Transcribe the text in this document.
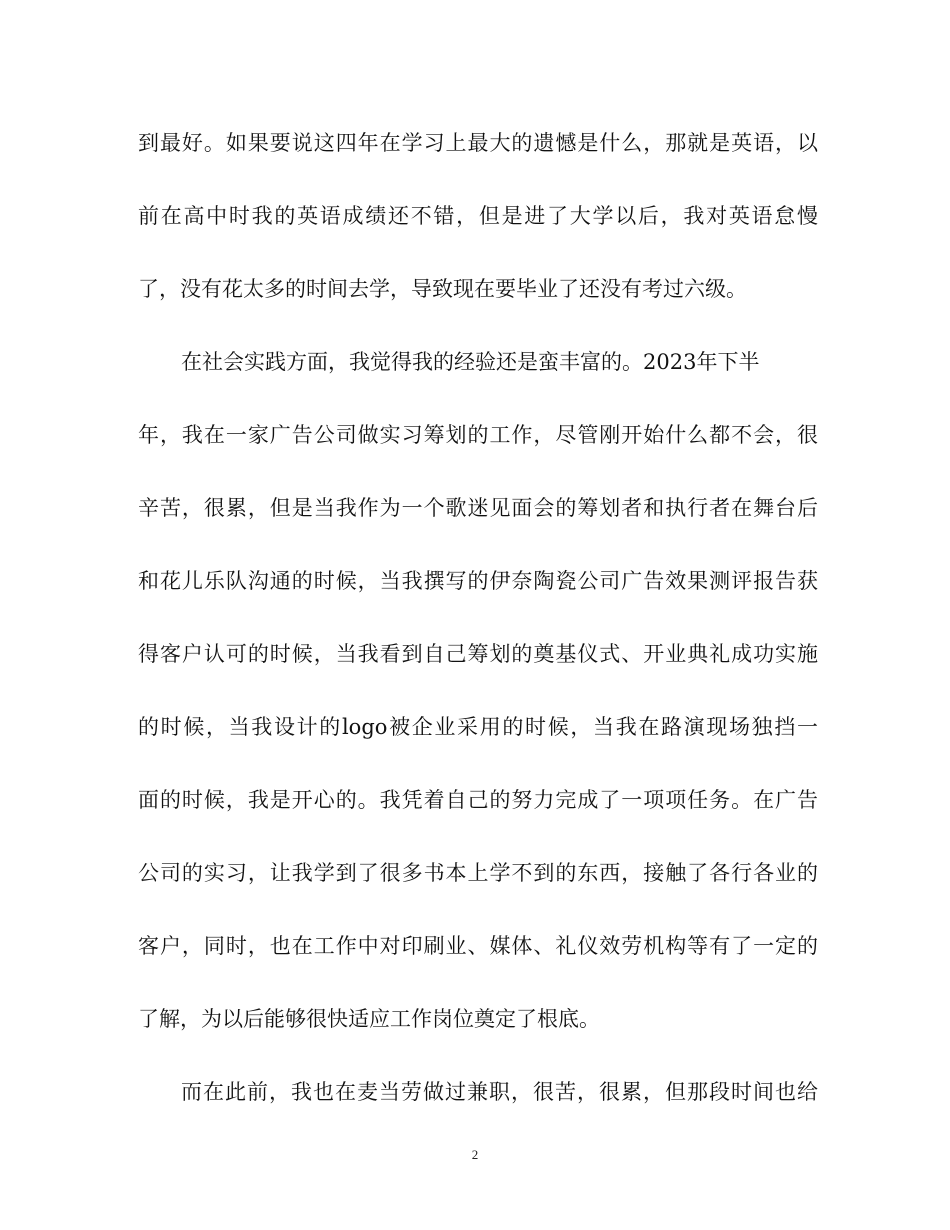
到最好。如果要说这四年在学习上最大的遗憾是什么，那就是英语，以
前在高中时我的英语成绩还不错，但是进了大学以后，我对英语怠慢
了，没有花太多的时间去学，导致现在要毕业了还没有考过六级。
在社会实践方面，我觉得我的经验还是蛮丰富的。2023年下半
年，我在一家广告公司做实习筹划的工作，尽管刚开始什么都不会，很
辛苦，很累，但是当我作为一个歌迷见面会的筹划者和执行者在舞台后
和花儿乐队沟通的时候，当我撰写的伊奈陶瓷公司广告效果测评报告获
得客户认可的时候，当我看到自己筹划的奠基仪式、开业典礼成功实施
的时候，当我设计的logo被企业采用的时候，当我在路演现场独挡一
面的时候，我是开心的。我凭着自己的努力完成了一项项任务。在广告
公司的实习，让我学到了很多书本上学不到的东西，接触了各行各业的
客户，同时，也在工作中对印刷业、媒体、礼仪效劳机构等有了一定的
了解，为以后能够很快适应工作岗位奠定了根底。
而在此前，我也在麦当劳做过兼职，很苦，很累，但那段时间也给
2
